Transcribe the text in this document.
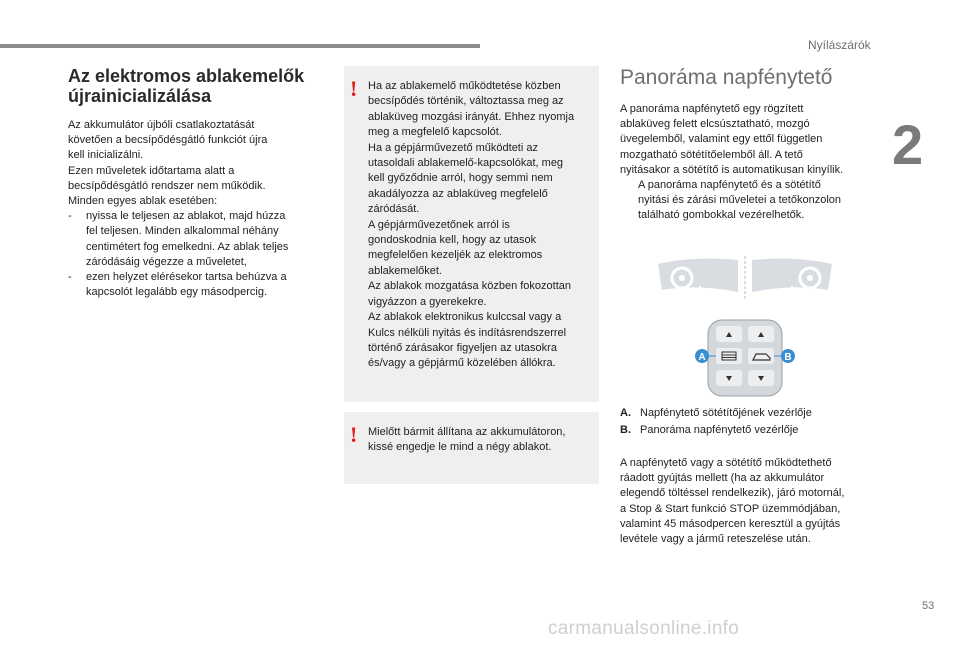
Nyílászárók
2
Az elektromos ablakemelők újrainicializálása
Az akkumulátor újbóli csatlakoztatását
követően a becsípődésgátló funkciót újra
kell inicializálni.
Ezen műveletek időtartama alatt a
becsípődésgátló rendszer nem működik.
Minden egyes ablak esetében:
- nyissa le teljesen az ablakot, majd húzza
fel teljesen. Minden alkalommal néhány
centimétert fog emelkedni. Az ablak teljes
záródásáig végezze a műveletet,
- ezen helyzet elérésekor tartsa behúzva a
kapcsolót legalább egy másodpercig.
! Ha az ablakemelő működtetése közben
becsípődés történik, változtassa meg az
ablaküveg mozgási irányát. Ehhez nyomja
meg a megfelelő kapcsolót.
Ha a gépjárművezető működteti az
utasoldali ablakemelő-kapcsolókat, meg
kell győződnie arról, hogy semmi nem
akadályozza az ablaküveg megfelelő
záródását.
A gépjárművezetőnek arról is
gondoskodnia kell, hogy az utasok
megfelelően kezeljék az elektromos
ablakemelőket.
Az ablakok mozgatása közben fokozottan
vigyázzon a gyerekekre.
Az ablakok elektronikus kulccsal vagy a
Kulcs nélküli nyitás és indításrendszerrel
történő zárásakor figyeljen az utasokra
és/vagy a gépjármű közelében állókra.
! Mielőtt bármit állítana az akkumulátoron,
kissé engedje le mind a négy ablakot.
Panoráma napfénytető
A panoráma napfénytető egy rögzített
ablaküveg felett elcsúsztatható, mozgó
üvegelemből, valamint egy ettől független
mozgatható sötétítőelemből áll. A tető
nyitásakor a sötétítő is automatikusan kinyílik.
A panoráma napfénytető és a sötétítő
nyitási és zárási műveletei a tetőkonzolon
található gombokkal vezérelhetők.
A	B
A. Napfénytető sötétítőjének vezérlője
B. Panoráma napfénytető vezérlője
A napfénytető vagy a sötétítő működtethető
ráadott gyújtás mellett (ha az akkumulátor
elegendő töltéssel rendelkezik), járó motornál,
a Stop & Start funkció STOP üzemmódjában,
valamint 45 másodpercen keresztül a gyújtás
levétele vagy a jármű reteszelése után.
53
carmanualsonline.info
